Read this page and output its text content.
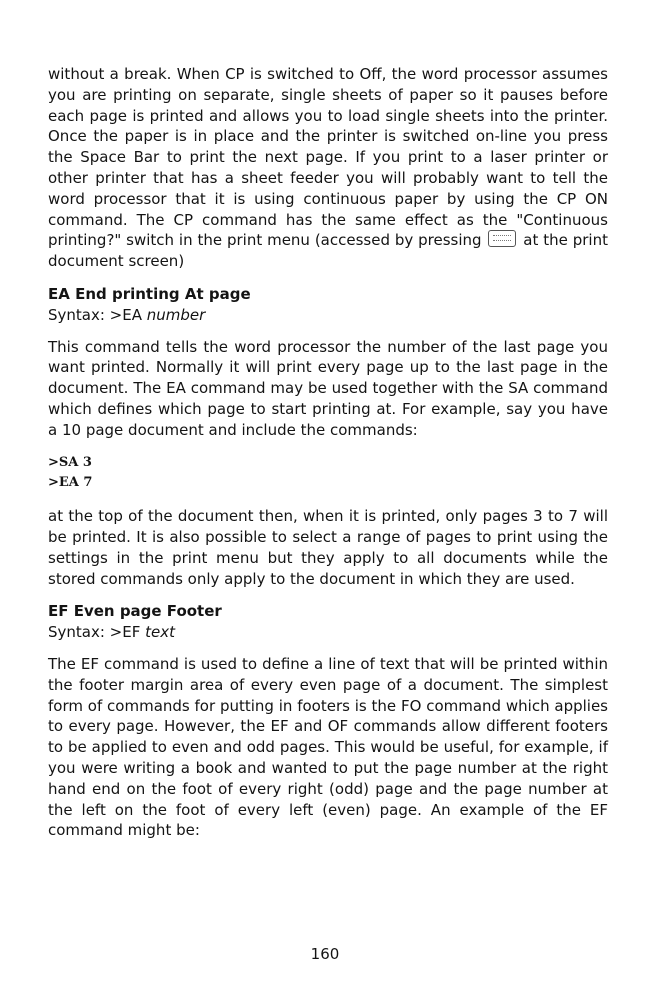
without a break. When CP is switched to Off, the word processor assumes you are printing on separate, single sheets of paper so it pauses before each page is printed and allows you to load single sheets into the printer. Once the paper is in place and the printer is switched on-line you press the Space Bar to print the next page. If you print to a laser printer or other printer that has a sheet feeder you will probably want to tell the word processor that it is using continuous paper by using the CP ON command. The CP command has the same effect as the "Continuous printing?" switch in the print menu (accessed by pressing	at the print document screen)

EA End printing At page
Syntax: >EA number

This command tells the word processor the number of the last page you want printed. Normally it will print every page up to the last page in the document. The EA command may be used together with the SA command which defines which page to start printing at. For example, say you have a 10 page document and include the commands:

>SA 3
>EA 7

at the top of the document then, when it is printed, only pages 3 to 7 will be printed. It is also possible to select a range of pages to print using the settings in the print menu but they apply to all documents while the stored commands only apply to the document in which they are used.

EF Even page Footer
Syntax: >EF text

The EF command is used to define a line of text that will be printed within the footer margin area of every even page of a document. The simplest form of commands for putting in footers is the FO command which applies to every page. However, the EF and OF commands allow different footers to be applied to even and odd pages. This would be useful, for example, if you were writing a book and wanted to put the page number at the right hand end on the foot of every right (odd) page and the page number at the left on the foot of every left (even) page. An example of the EF command might be:

160
